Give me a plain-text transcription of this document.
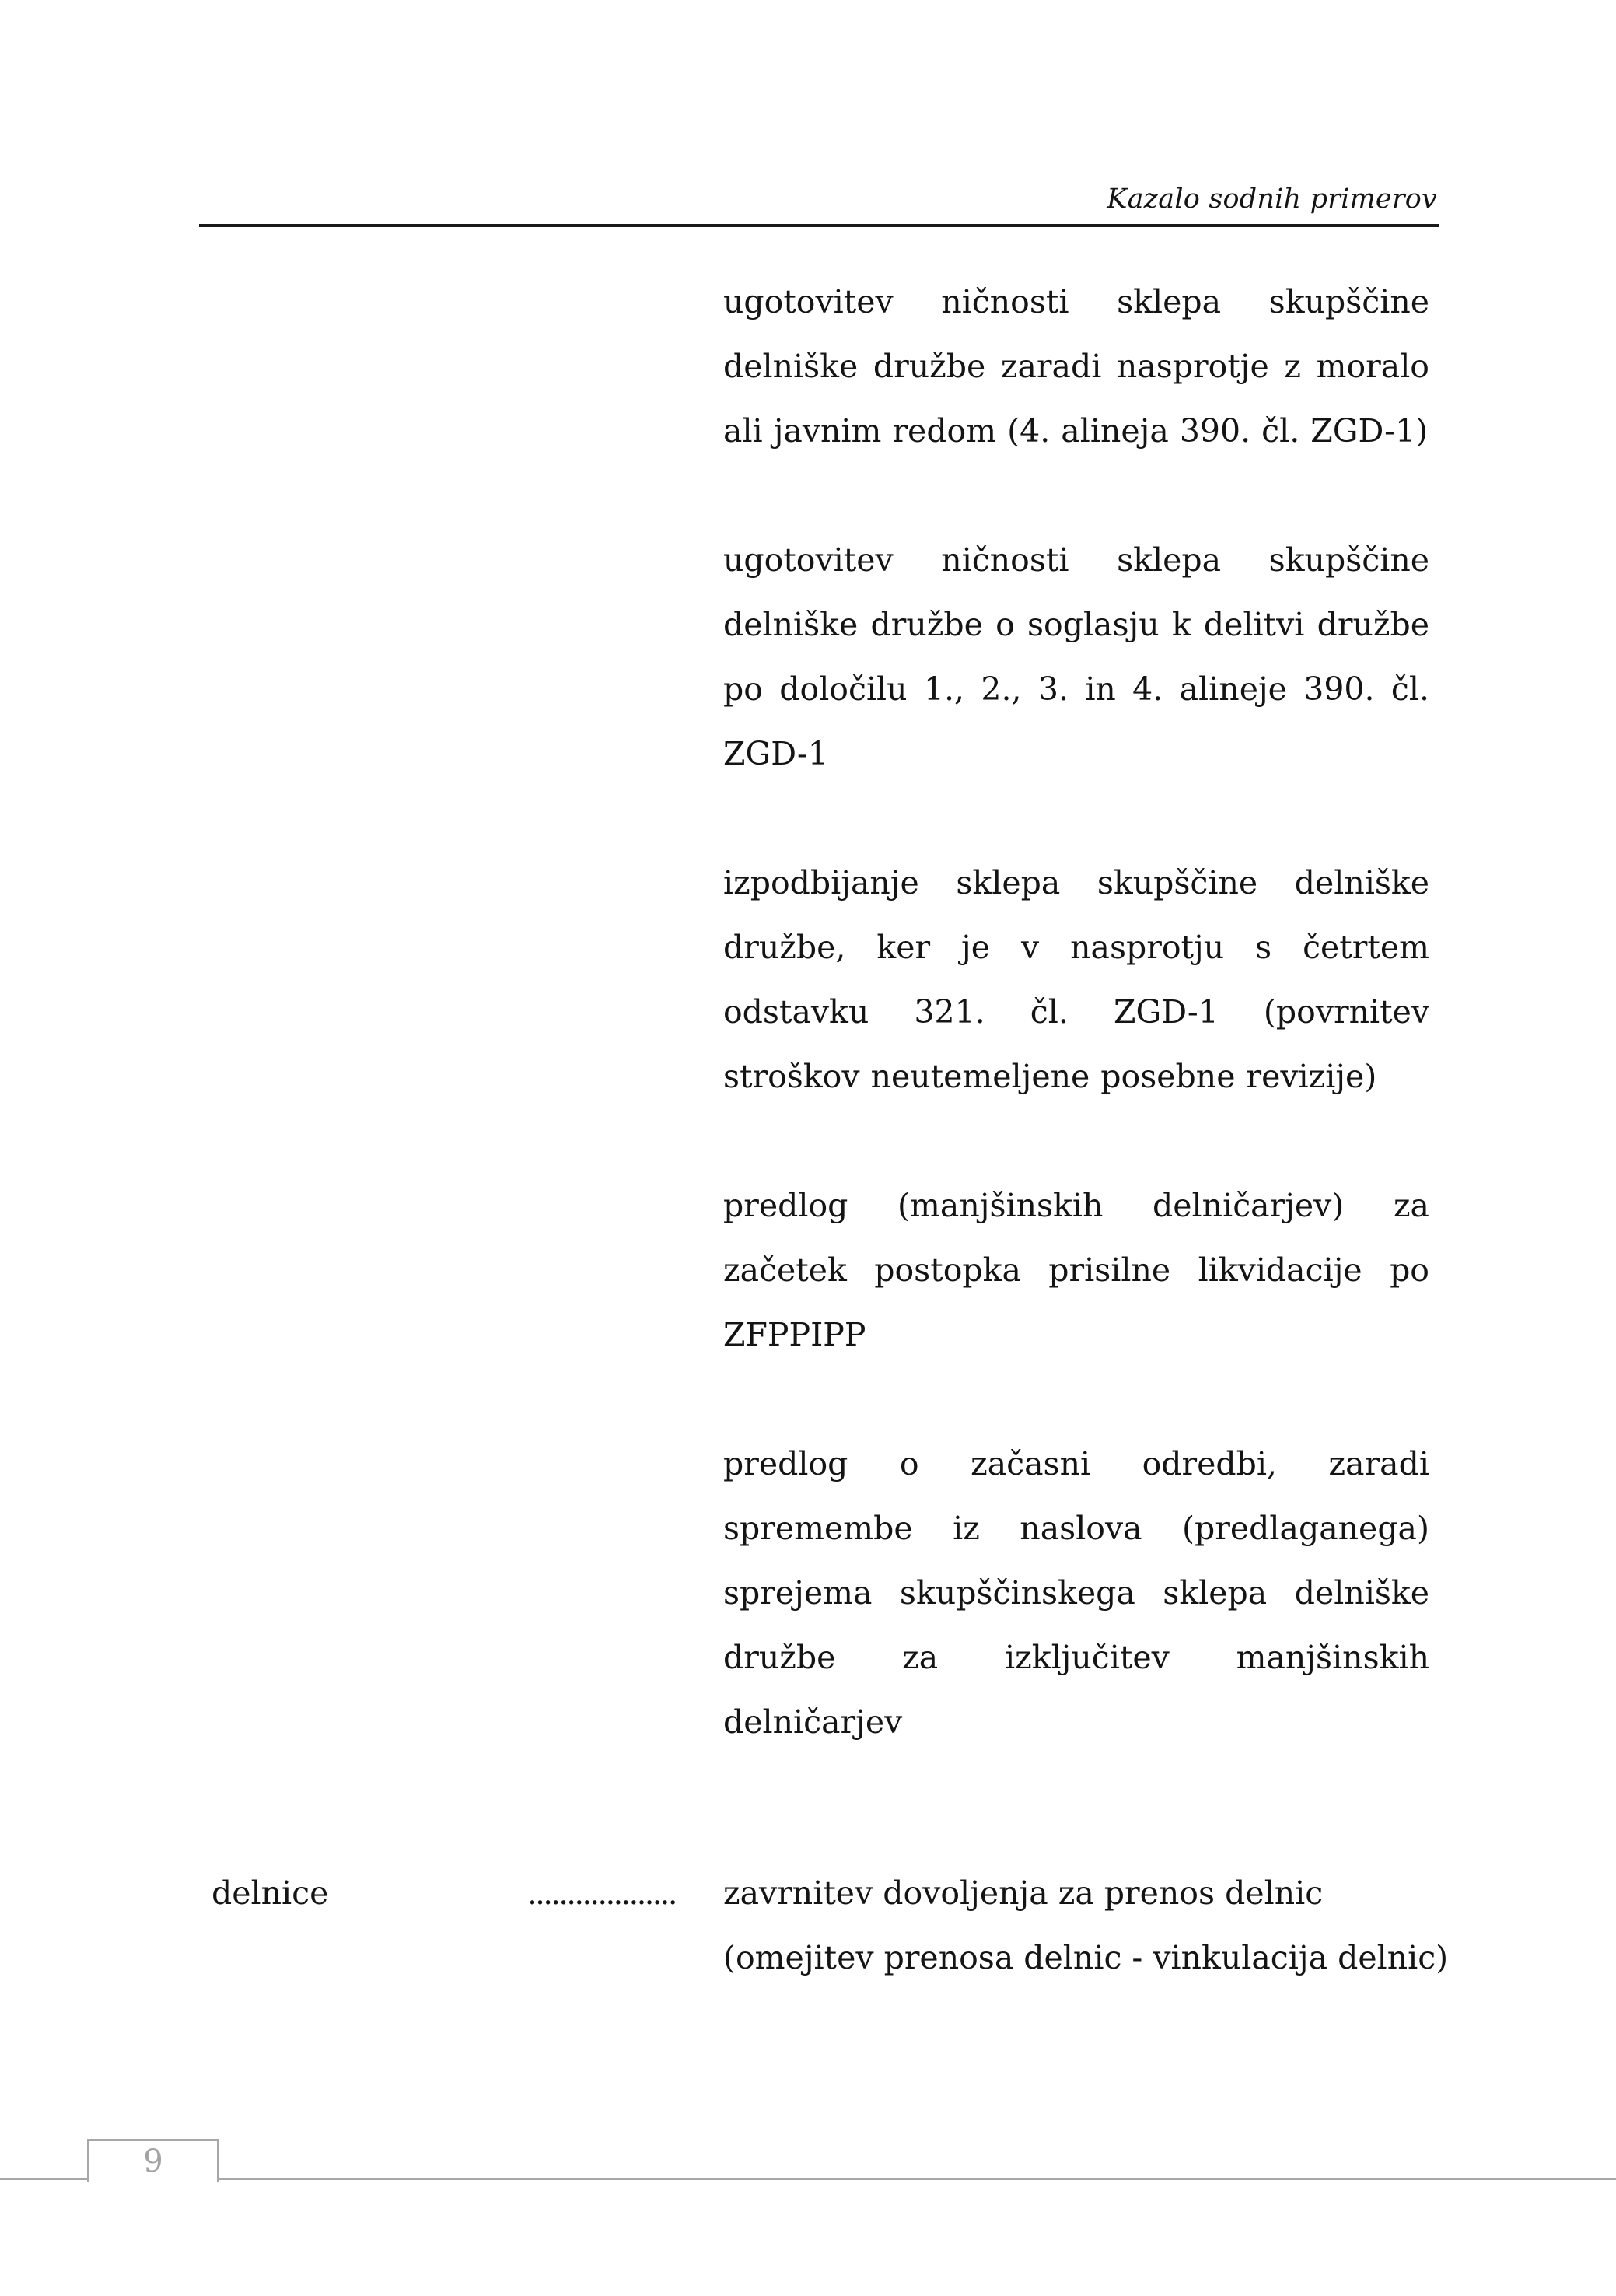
Kazalo sodnih primerov
ugotovitev ničnosti sklepa skupščine delniške družbe zaradi nasprotje z moralo ali javnim redom (4. alineja 390. čl. ZGD-1)
ugotovitev ničnosti sklepa skupščine delniške družbe o soglasju k delitvi družbe po določilu 1., 2., 3. in 4. alineje 390. čl. ZGD-1
izpodbijanje sklepa skupščine delniške družbe, ker je v nasprotju s četrtem odstavku 321. čl. ZGD-1 (povrnitev stroškov neutemeljene posebne revizije)
predlog (manjšinskih delničarjev) za začetek postopka prisilne likvidacije po ZFPPIPP
predlog o začasni odredbi, zaradi spremembe iz naslova (predlaganega) sprejema skupščinskega sklepa delniške družbe za izključitev manjšinskih delničarjev
delnice	...................	zavrnitev dovoljenja za prenos delnic
(omejitev prenosa delnic - vinkulacija delnic)

9
